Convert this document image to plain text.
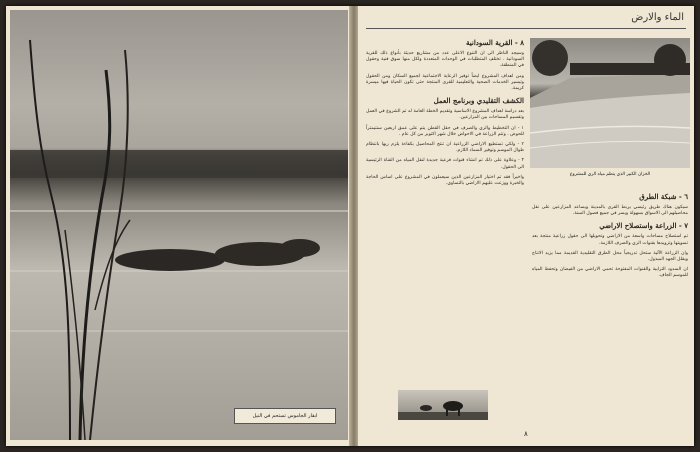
ابقار الجاموس تستحم في النيل
الماء والارض
٨ - القرية السودانية

وسيجد الناظر الى ان التنوع الاعلى عدد من مشاريع حديثة بأنواع ذلك للقرية السودانية . تختلف المتطلبات في الوحدات المتعددة ولكل منها سوق فنية وحقول في المنطقة.

ومن اهداف المشروع ايضاً توفير الرعاية الاجتماعية لجميع السكان ومن الحقول وتيسير الخدمات الصحية والتعليمية للقرى المنتجة حتى تكون الحياة فيها ميسرة كريمة.

الكشف التقليدي وبرنامج العمل

بعد دراسة اهداف المشروع الاساسية وتقديم الخطة العامة له تم الشروع في العمل وتقسيم المساحات بين المزارعين.

١ - ان التخطيط والري والصرف في حقل القطن يتم على عمق اربعين سنتيمتراً للحوض . وتتم الزراعة في الاحواض خلال شهر اكتوبر من كل عام .

٢ - ولكي تستطيع الاراضي الزراعية ان تنتج المحاصيل بكفاءة يلزم ريها بانتظام طوال الموسم وتوفير السماد اللازم.

٣ - وعلاوة على ذلك تم انشاء قنوات فرعية جديدة لنقل المياه من القناة الرئيسية الى الحقول.

واخيراً فقد تم اختيار المزارعين الذين سيعملون في المشروع على اساس الحاجة والخبرة ووزعت عليهم الاراضي بالتساوي.

الخزان الكبير الذي ينظم مياه الري للمشروع
٦ - شبكة الطرق

سيكون هناك طريق رئيسي يربط القرى بالمدينة ويساعد المزارعين على نقل محاصيلهم الى الاسواق بسهولة ويسر في جميع فصول السنة.

٧ - الزراعة واستصلاح الاراضي

تم استصلاح مساحات واسعة من الاراضي وتحويلها الى حقول زراعية منتجة بعد تسويتها وتزويدها بقنوات الري والصرف اللازمة.

وان الزراعة الآلية ستحل تدريجياً محل الطرق التقليدية القديمة مما يزيد الانتاج ويقلل الجهد المبذول.

ان السدود الترابية والقنوات المفتوحة تحمي الاراضي من الفيضان وتحفظ المياه للموسم الجاف.

٨
